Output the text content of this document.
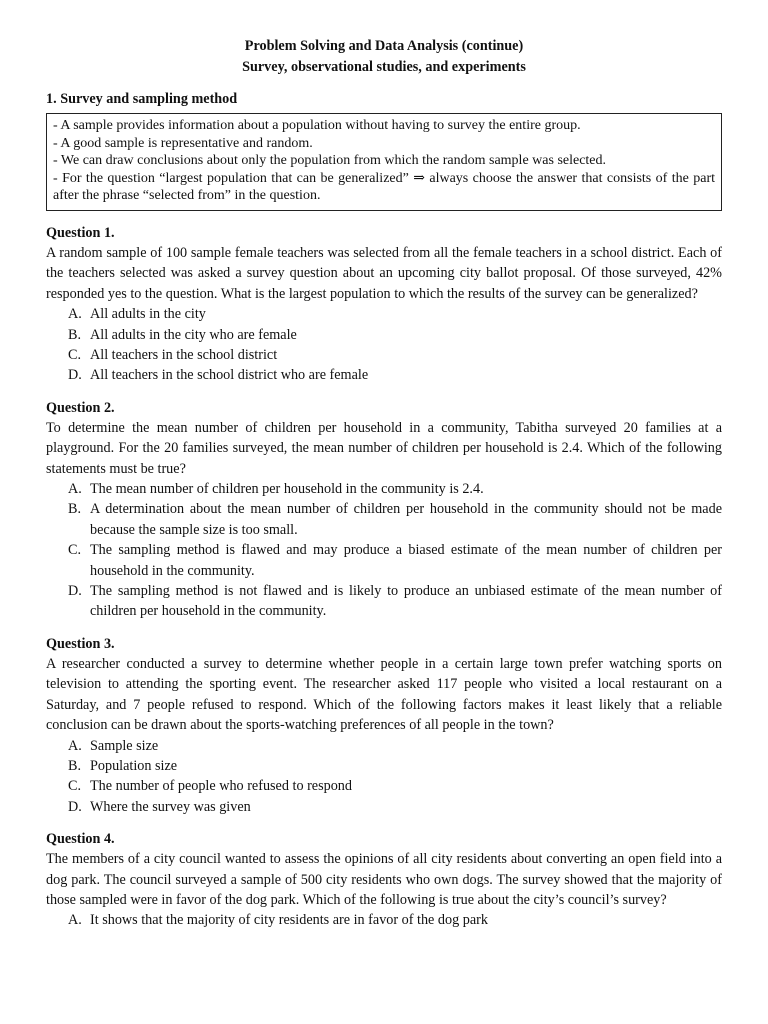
Problem Solving and Data Analysis (continue)
Survey, observational studies, and experiments
1. Survey and sampling method
- A sample provides information about a population without having to survey the entire group.
- A good sample is representative and random.
- We can draw conclusions about only the population from which the random sample was selected.
- For the question “largest population that can be generalized” ⇒ always choose the answer that consists of the part after the phrase “selected from” in the question.
Question 1.
A random sample of 100 sample female teachers was selected from all the female teachers in a school district. Each of the teachers selected was asked a survey question about an upcoming city ballot proposal. Of those surveyed, 42% responded yes to the question. What is the largest population to which the results of the survey can be generalized?
A. All adults in the city
B. All adults in the city who are female
C. All teachers in the school district
D. All teachers in the school district who are female
Question 2.
To determine the mean number of children per household in a community, Tabitha surveyed 20 families at a playground. For the 20 families surveyed, the mean number of children per household is 2.4. Which of the following statements must be true?
A. The mean number of children per household in the community is 2.4.
B. A determination about the mean number of children per household in the community should not be made because the sample size is too small.
C. The sampling method is flawed and may produce a biased estimate of the mean number of children per household in the community.
D. The sampling method is not flawed and is likely to produce an unbiased estimate of the mean number of children per household in the community.
Question 3.
A researcher conducted a survey to determine whether people in a certain large town prefer watching sports on television to attending the sporting event. The researcher asked 117 people who visited a local restaurant on a Saturday, and 7 people refused to respond. Which of the following factors makes it least likely that a reliable conclusion can be drawn about the sports-watching preferences of all people in the town?
A. Sample size
B. Population size
C. The number of people who refused to respond
D. Where the survey was given
Question 4.
The members of a city council wanted to assess the opinions of all city residents about converting an open field into a dog park. The council surveyed a sample of 500 city residents who own dogs. The survey showed that the majority of those sampled were in favor of the dog park. Which of the following is true about the city’s council’s survey?
A. It shows that the majority of city residents are in favor of the dog park
